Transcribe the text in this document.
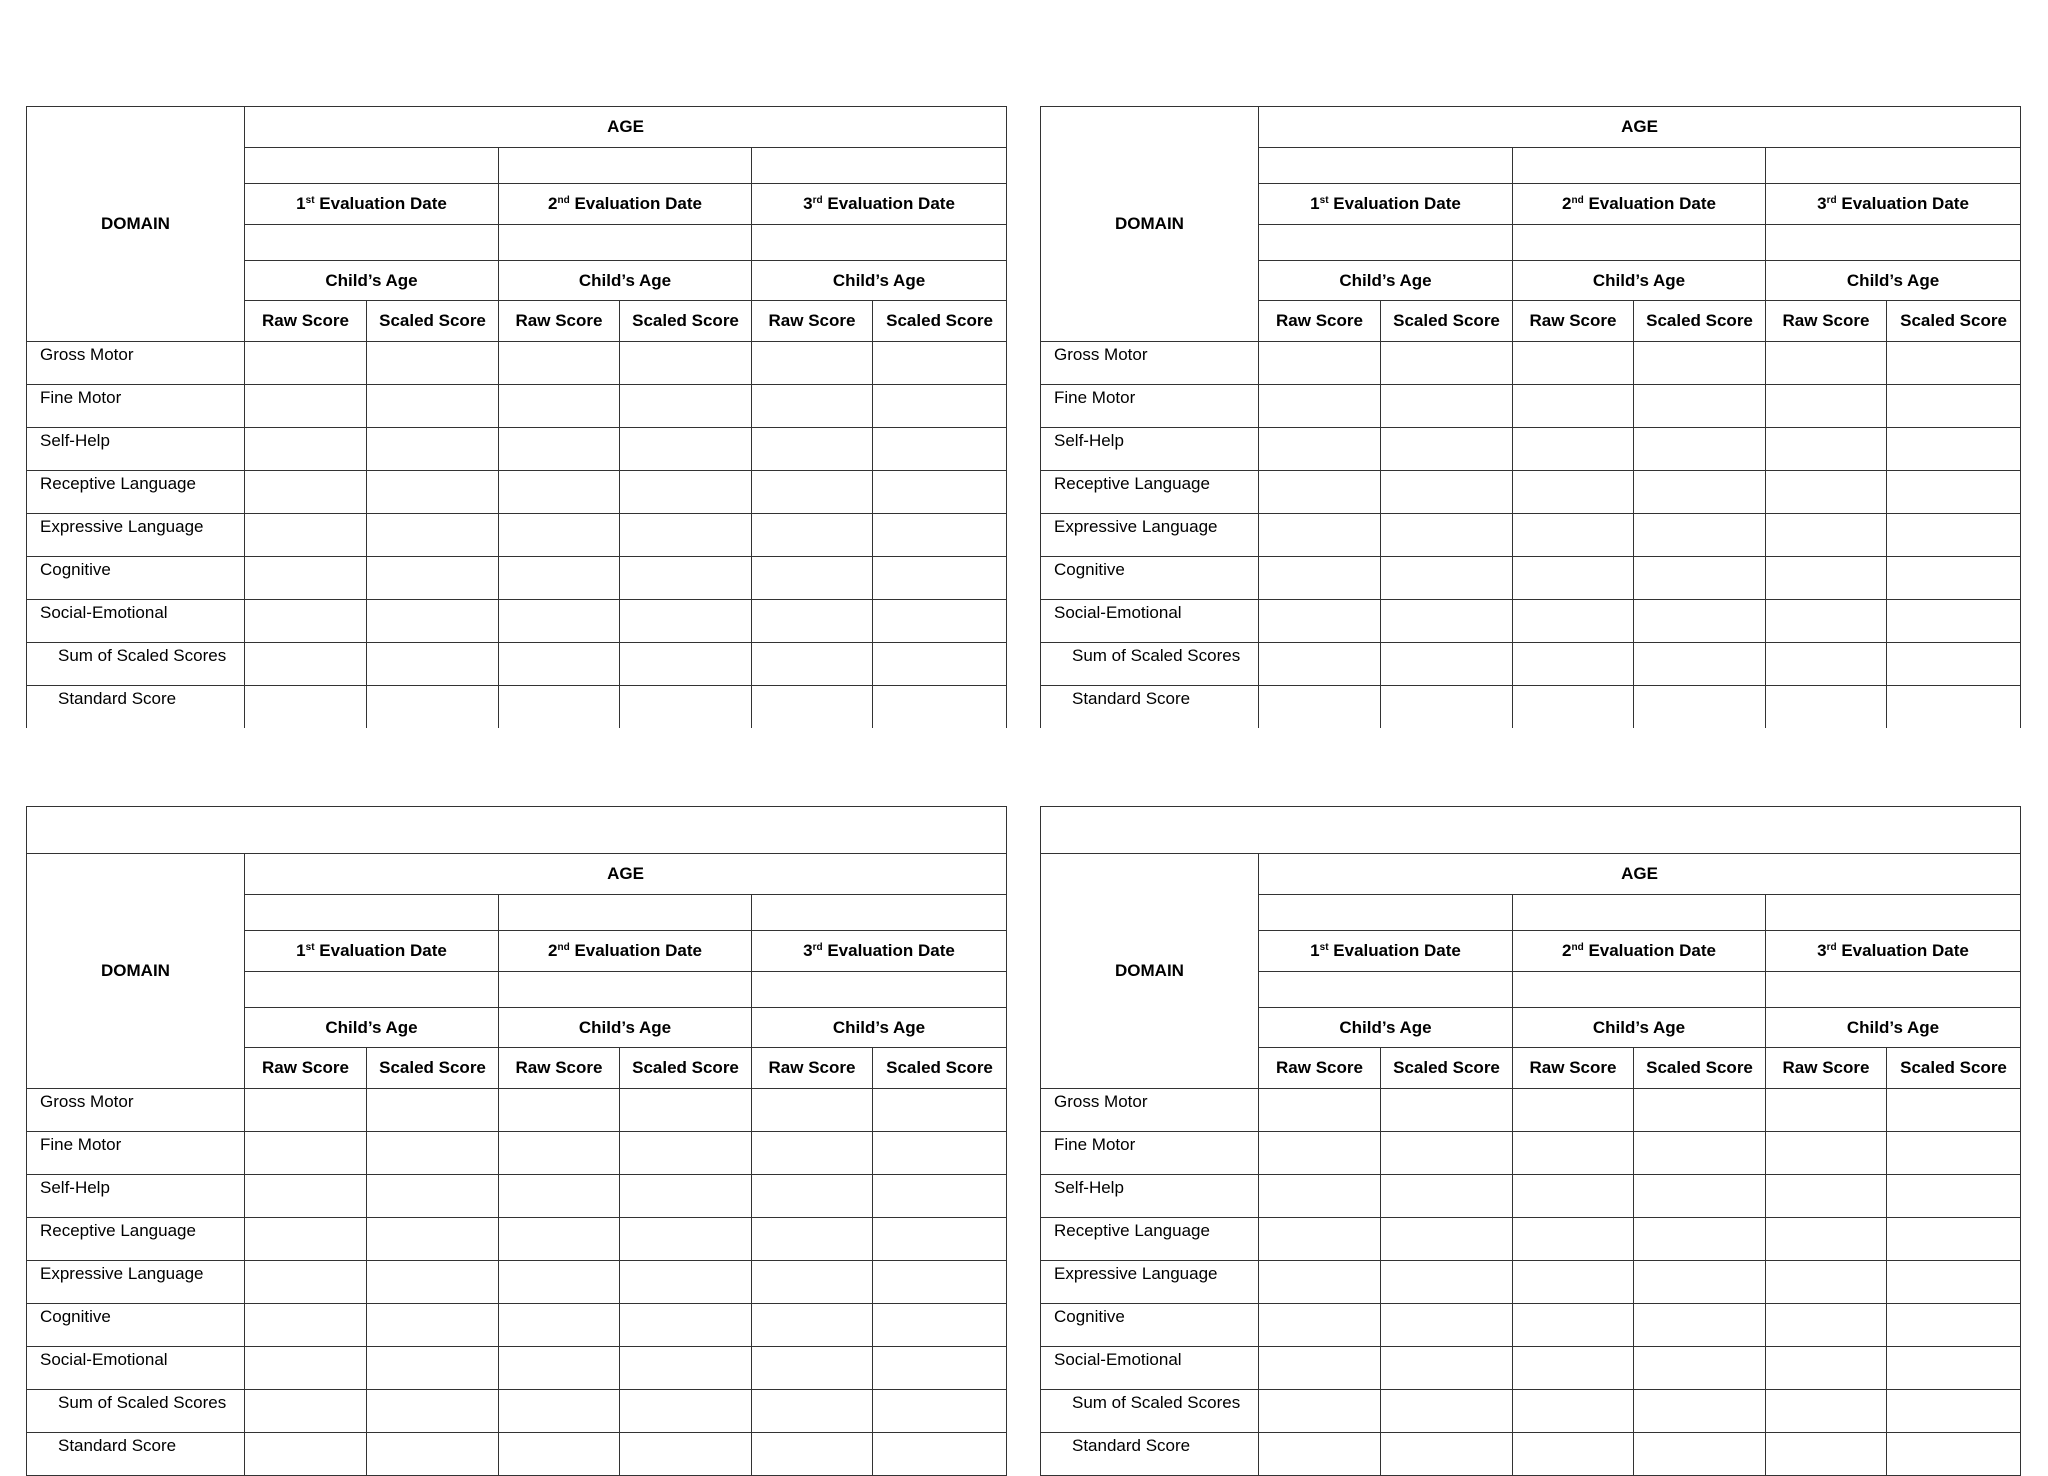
DOMAIN	AGE					

	1st Evaluation Date		2nd Evaluation Date		3rd Evaluation Date	

	Child’s Age		Child’s Age		Child’s Age	
	Raw Score	Scaled Score	Raw Score	Scaled Score	Raw Score	Scaled Score
Gross Motor						
Fine Motor						
Self-Help						
Receptive Language						
Expressive Language						
Cognitive						
Social-Emotional						
Sum of Scaled Scores						
Standard Score						
DOMAIN	AGE					

	1st Evaluation Date		2nd Evaluation Date		3rd Evaluation Date	

	Child’s Age		Child’s Age		Child’s Age	
	Raw Score	Scaled Score	Raw Score	Scaled Score	Raw Score	Scaled Score
Gross Motor						
Fine Motor						
Self-Help						
Receptive Language						
Expressive Language						
Cognitive						
Social-Emotional						
Sum of Scaled Scores						
Standard Score						

DOMAIN	AGE					

	1st Evaluation Date		2nd Evaluation Date		3rd Evaluation Date	

	Child’s Age		Child’s Age		Child’s Age	
	Raw Score	Scaled Score	Raw Score	Scaled Score	Raw Score	Scaled Score
Gross Motor						
Fine Motor						
Self-Help						
Receptive Language						
Expressive Language						
Cognitive						
Social-Emotional						
Sum of Scaled Scores						
Standard Score						

DOMAIN	AGE					

	1st Evaluation Date		2nd Evaluation Date		3rd Evaluation Date	

	Child’s Age		Child’s Age		Child’s Age	
	Raw Score	Scaled Score	Raw Score	Scaled Score	Raw Score	Scaled Score
Gross Motor						
Fine Motor						
Self-Help						
Receptive Language						
Expressive Language						
Cognitive						
Social-Emotional						
Sum of Scaled Scores						
Standard Score						
